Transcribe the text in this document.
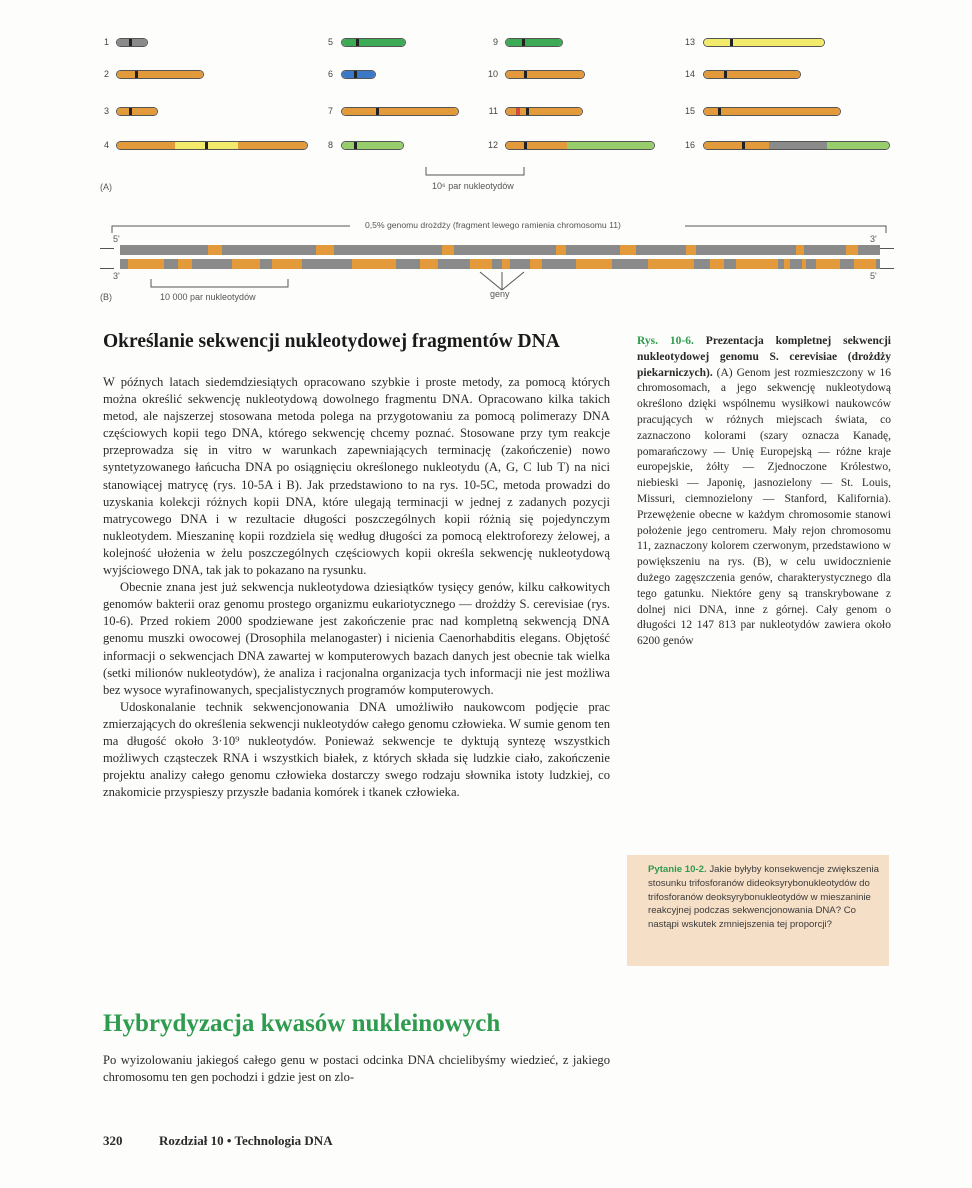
1
2
3
4
5
6
7
8
9
10
11
12
13
14
15
16
(A)	10⁶ par nukleotydów
0,5% genomu drożdży (fragment lewego ramienia chromosomu 11)
5'	3'
3'	5'
(B)	10 000 par nukleotydów	geny
Określanie sekwencji nukleotydowej fragmentów DNA

W późnych latach siedemdziesiątych opracowano szybkie i proste metody, za pomocą których można określić sekwencję nukleotydową dowolnego fragmentu DNA. Opracowano kilka takich metod, ale najszerzej stosowana metoda polega na przygotowaniu za pomocą polimerazy DNA częściowych kopii tego DNA, którego sekwencję chcemy poznać. Stosowane przy tym reakcje przeprowadza się in vitro w warunkach zapewniających terminację (zakończenie) nowo syntetyzowanego łańcucha DNA po osiągnięciu określonego nukleotydu (A, G, C lub T) na nici stanowiącej matrycę (rys. 10-5A i B). Jak przedstawiono to na rys. 10-5C, metoda prowadzi do uzyskania kolekcji różnych kopii DNA, które ulegają terminacji w jednej z zadanych pozycji matrycowego DNA i w rezultacie długości poszczególnych kopii różnią się pojedynczym nukleotydem. Mieszaninę kopii rozdziela się według długości za pomocą elektroforezy żelowej, a kolejność ułożenia w żelu poszczególnych częściowych kopii określa sekwencję nukleotydową wyjściowego DNA, tak jak to pokazano na rysunku.

Obecnie znana jest już sekwencja nukleotydowa dziesiątków tysięcy genów, kilku całkowitych genomów bakterii oraz genomu prostego organizmu eukariotycznego — drożdży S. cerevisiae (rys. 10-6). Przed rokiem 2000 spodziewane jest zakończenie prac nad kompletną sekwencją DNA genomu muszki owocowej (Drosophila melanogaster) i nicienia Caenorhabditis elegans. Objętość informacji o sekwencjach DNA zawartej w komputerowych bazach danych jest obecnie tak wielka (setki milionów nukleotydów), że analiza i racjonalna organizacja tych informacji nie jest możliwa bez wysoce wyrafinowanych, specjalistycznych programów komputerowych.

Udoskonalanie technik sekwencjonowania DNA umożliwiło naukowcom podjęcie prac zmierzających do określenia sekwencji nukleotydów całego genomu człowieka. W sumie genom ten ma długość około 3·10⁹ nukleotydów. Ponieważ sekwencje te dyktują syntezę wszystkich możliwych cząsteczek RNA i wszystkich białek, z których składa się ludzkie ciało, zakończenie projektu analizy całego genomu człowieka dostarczy swego rodzaju słownika istoty ludzkiej, co znakomicie przyspieszy przyszłe badania komórek i tkanek człowieka.

Hybrydyzacja kwasów nukleinowych

Po wyizolowaniu jakiegoś całego genu w postaci odcinka DNA chcielibyśmy wiedzieć, z jakiego chromosomu ten gen pochodzi i gdzie jest on zlo-

Rys. 10-6. Prezentacja kompletnej sekwencji nukleotydowej genomu S. cerevisiae (drożdży piekarniczych). (A) Genom jest rozmieszczony w 16 chromosomach, a jego sekwencję nukleotydową określono dzięki wspólnemu wysiłkowi naukowców pracujących w różnych miejscach świata, co zaznaczono kolorami (szary oznacza Kanadę, pomarańczowy — Unię Europejską — różne kraje europejskie, żółty — Zjednoczone Królestwo, niebieski — Japonię, jasnozielony — St. Louis, Missuri, ciemnozielony — Stanford, Kalifornia). Przewężenie obecne w każdym chromosomie stanowi położenie jego centromeru. Mały rejon chromosomu 11, zaznaczony kolorem czerwonym, przedstawiono w powiększeniu na rys. (B), w celu uwidocznienie dużego zagęszczenia genów, charakterystycznego dla tego gatunku. Niektóre geny są transkrybowane z dolnej nici DNA, inne z górnej. Cały genom o długości 12 147 813 par nukleotydów zawiera około 6200 genów
Pytanie 10-2. Jakie byłyby konsekwencje zwiększenia stosunku trifosforanów dideoksyrybonukleotydów do trifosforanów deoksyrybonukleotydów w mieszaninie reakcyjnej podczas sekwencjonowania DNA? Co nastąpi wskutek zmniejszenia tej proporcji?
320	Rozdział 10 • Technologia DNA
